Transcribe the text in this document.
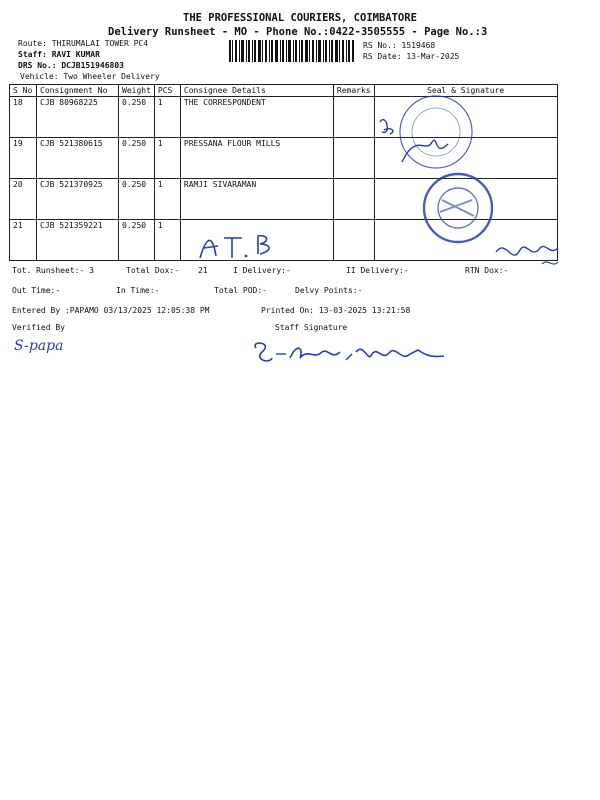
THE PROFESSIONAL COURIERS, COIMBATORE
Delivery Runsheet - MO - Phone No.:0422-3505555 - Page No.:3
Route: THIRUMALAI TOWER PC4
Staff: RAVI KUMAR
DRS No.: DCJB151946803
Vehicle: Two Wheeler Delivery
RS No.: 1519468
RS Date: 13-Mar-2025
S No	Consignment No	Weight	PCS	Consignee Details	Remarks	Seal & Signature
18	CJB 80968225	0.250	1	THE CORRESPONDENT		
19	CJB 521380615	0.250	1	PRESSANA FLOUR MILLS		
20	CJB 521370925	0.250	1	RAMJI SIVARAMAN		
21	CJB 521359221	0.250	1			
Tot. Runsheet:- 3	Total Dox:- 21	I Delivery:-	II Delivery:-	RTN Dox:-
Out Time:-	In Time:-	Total POD:-	Delvy Points:-
Entered By :PAPAMO 03/13/2025 12:05:38 PM	Printed On: 13-03-2025 13:21:58
Verified By	Staff Signature
S-papa
